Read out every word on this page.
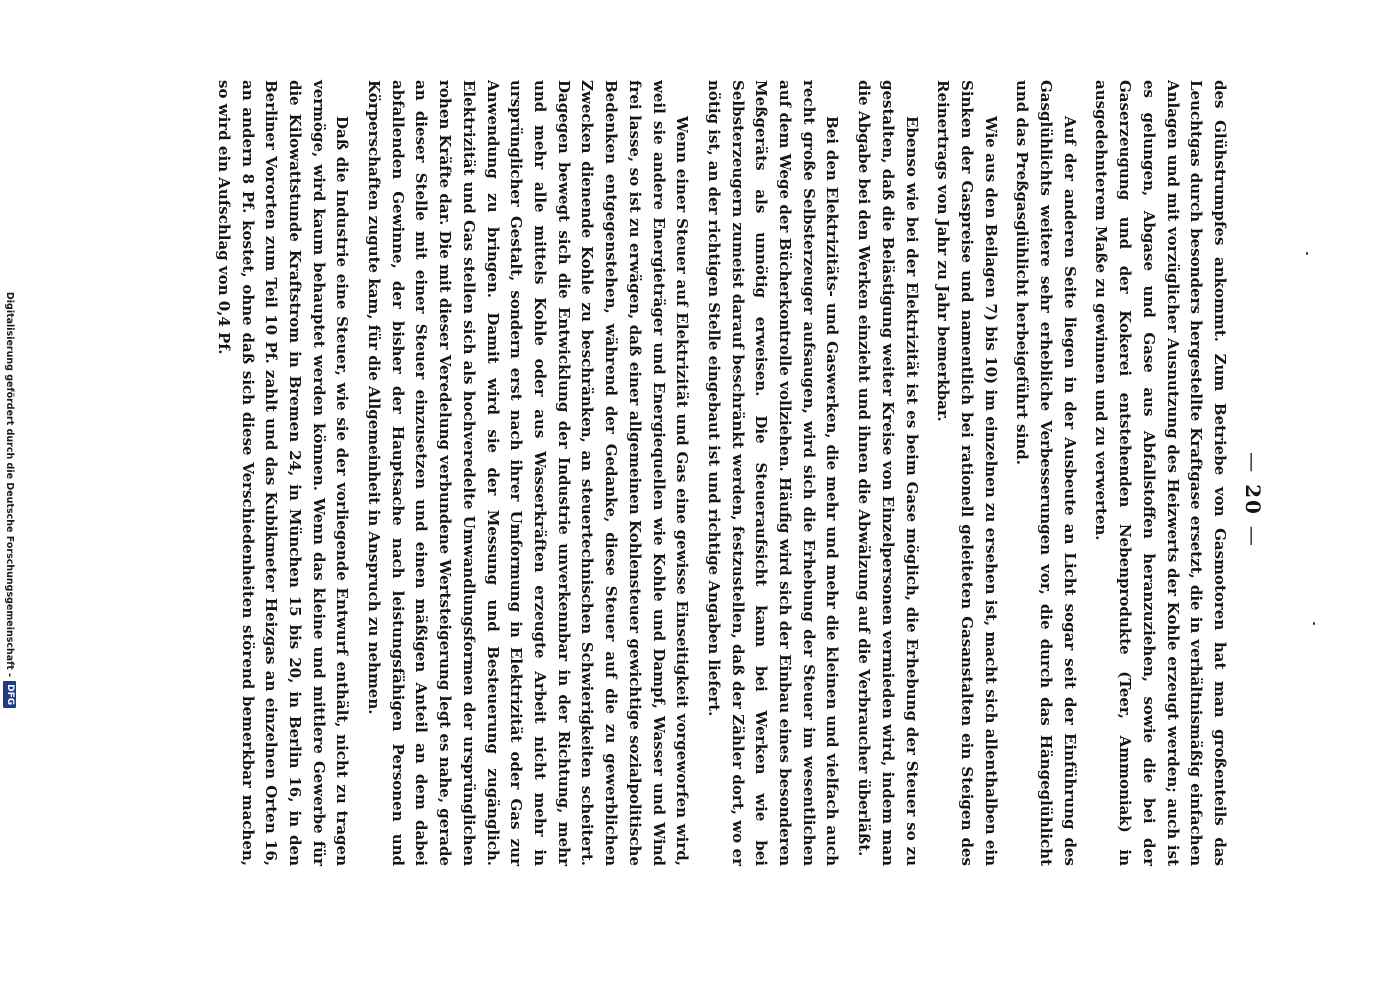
—20—

des Glühstrumpfes ankommt. Zum Betriebe von Gasmotoren hat man großenteils das Leuchtgas durch besonders hergestellte Kraftgase ersetzt, die in verhältnismäßig einfachen Anlagen und mit vorzüglicher Ausnutzung des Heizwerts der Kohle erzeugt werden; auch ist es gelungen, Abgase und Gase aus Abfallstoffen heranzuziehen, sowie die bei der Gaserzeugung und der Kokerei entstehenden Nebenprodukte (Teer, Ammoniak) in ausgedehnterem Maße zu gewinnen und zu verwerten.

Auf der anderen Seite liegen in der Ausbeute an Licht sogar seit der Einführung des Gasglühlichts weitere sehr erhebliche Verbesserungen vor, die durch das Hängeglühlicht und das Preßgasglühlicht herbeigeführt sind.

Wie aus den Beilagen 7) bis 10) im einzelnen zu ersehen ist, macht sich allenthalben ein Sinken der Gaspreise und namentlich bei rationell geleiteten Gasanstalten ein Steigen des Reinertrags von Jahr zu Jahr bemerkbar.

Ebenso wie bei der Elektrizität ist es beim Gase möglich, die Erhebung der Steuer so zu gestalten, daß die Belästigung weiter Kreise von Einzelpersonen vermieden wird, indem man die Abgabe bei den Werken einzieht und ihnen die Abwälzung auf die Verbraucher überläßt.

Bei den Elektrizitäts- und Gaswerken, die mehr und mehr die kleinen und vielfach auch recht große Selbsterzeuger aufsaugen, wird sich die Erhebung der Steuer im wesentlichen auf dem Wege der Bücherkontrolle vollziehen. Häufig wird sich der Einbau eines besonderen Meßgeräts als unnötig erweisen. Die Steueraufsicht kann bei Werken wie bei Selbsterzeugern zumeist darauf beschränkt werden, festzustellen, daß der Zähler dort, wo er nötig ist, an der richtigen Stelle eingebaut ist und richtige Angaben liefert.

Wenn einer Steuer auf Elektrizität und Gas eine gewisse Einseitigkeit vorgeworfen wird, weil sie andere Energieträger und Energiequellen wie Kohle und Dampf, Wasser und Wind frei lasse, so ist zu erwägen, daß einer allgemeinen Kohlensteuer gewichtige sozialpolitische Bedenken entgegenstehen, während der Gedanke, diese Steuer auf die zu gewerblichen Zwecken dienende Kohle zu beschränken, an steuertechnischen Schwierigkeiten scheitert. Dagegen bewegt sich die Entwicklung der Industrie unverkennbar in der Richtung, mehr und mehr alle mittels Kohle oder aus Wasserkräften erzeugte Arbeit nicht mehr in ursprünglicher Gestalt, sondern erst nach ihrer Umformung in Elektrizität oder Gas zur Anwendung zu bringen. Damit wird sie der Messung und Besteuerung zugänglich. Elektrizität und Gas stellen sich als hochveredelte Umwandlungsformen der ursprünglichen rohen Kräfte dar. Die mit dieser Veredelung verbundene Wertsteigerung legt es nahe, gerade an dieser Stelle mit einer Steuer einzusetzen und einen mäßigen Anteil an dem dabei abfallenden Gewinne, der bisher der Hauptsache nach leistungsfähigen Personen und Körperschaften zugute kam, für die Allgemeinheit in Anspruch zu nehmen.

Daß die Industrie eine Steuer, wie sie der vorliegende Entwurf enthält, nicht zu tragen vermöge, wird kaum behauptet werden können. Wenn das kleine und mittlere Gewerbe für die Kilowattstunde Kraftstrom in Bremen 24, in München 15 bis 20, in Berlin 16, in den Berliner Vororten zum Teil 10 Pf. zahlt und das Kubikmeter Heizgas an einzelnen Orten 16, an andern 8 Pf. kostet, ohne daß sich diese Verschiedenheiten störend bemerkbar machen, so wird ein Aufschlag von 0,4 Pf.

Digitalisierung gefördert durch die Deutsche Forschungsgemeinschaft -
DFG
